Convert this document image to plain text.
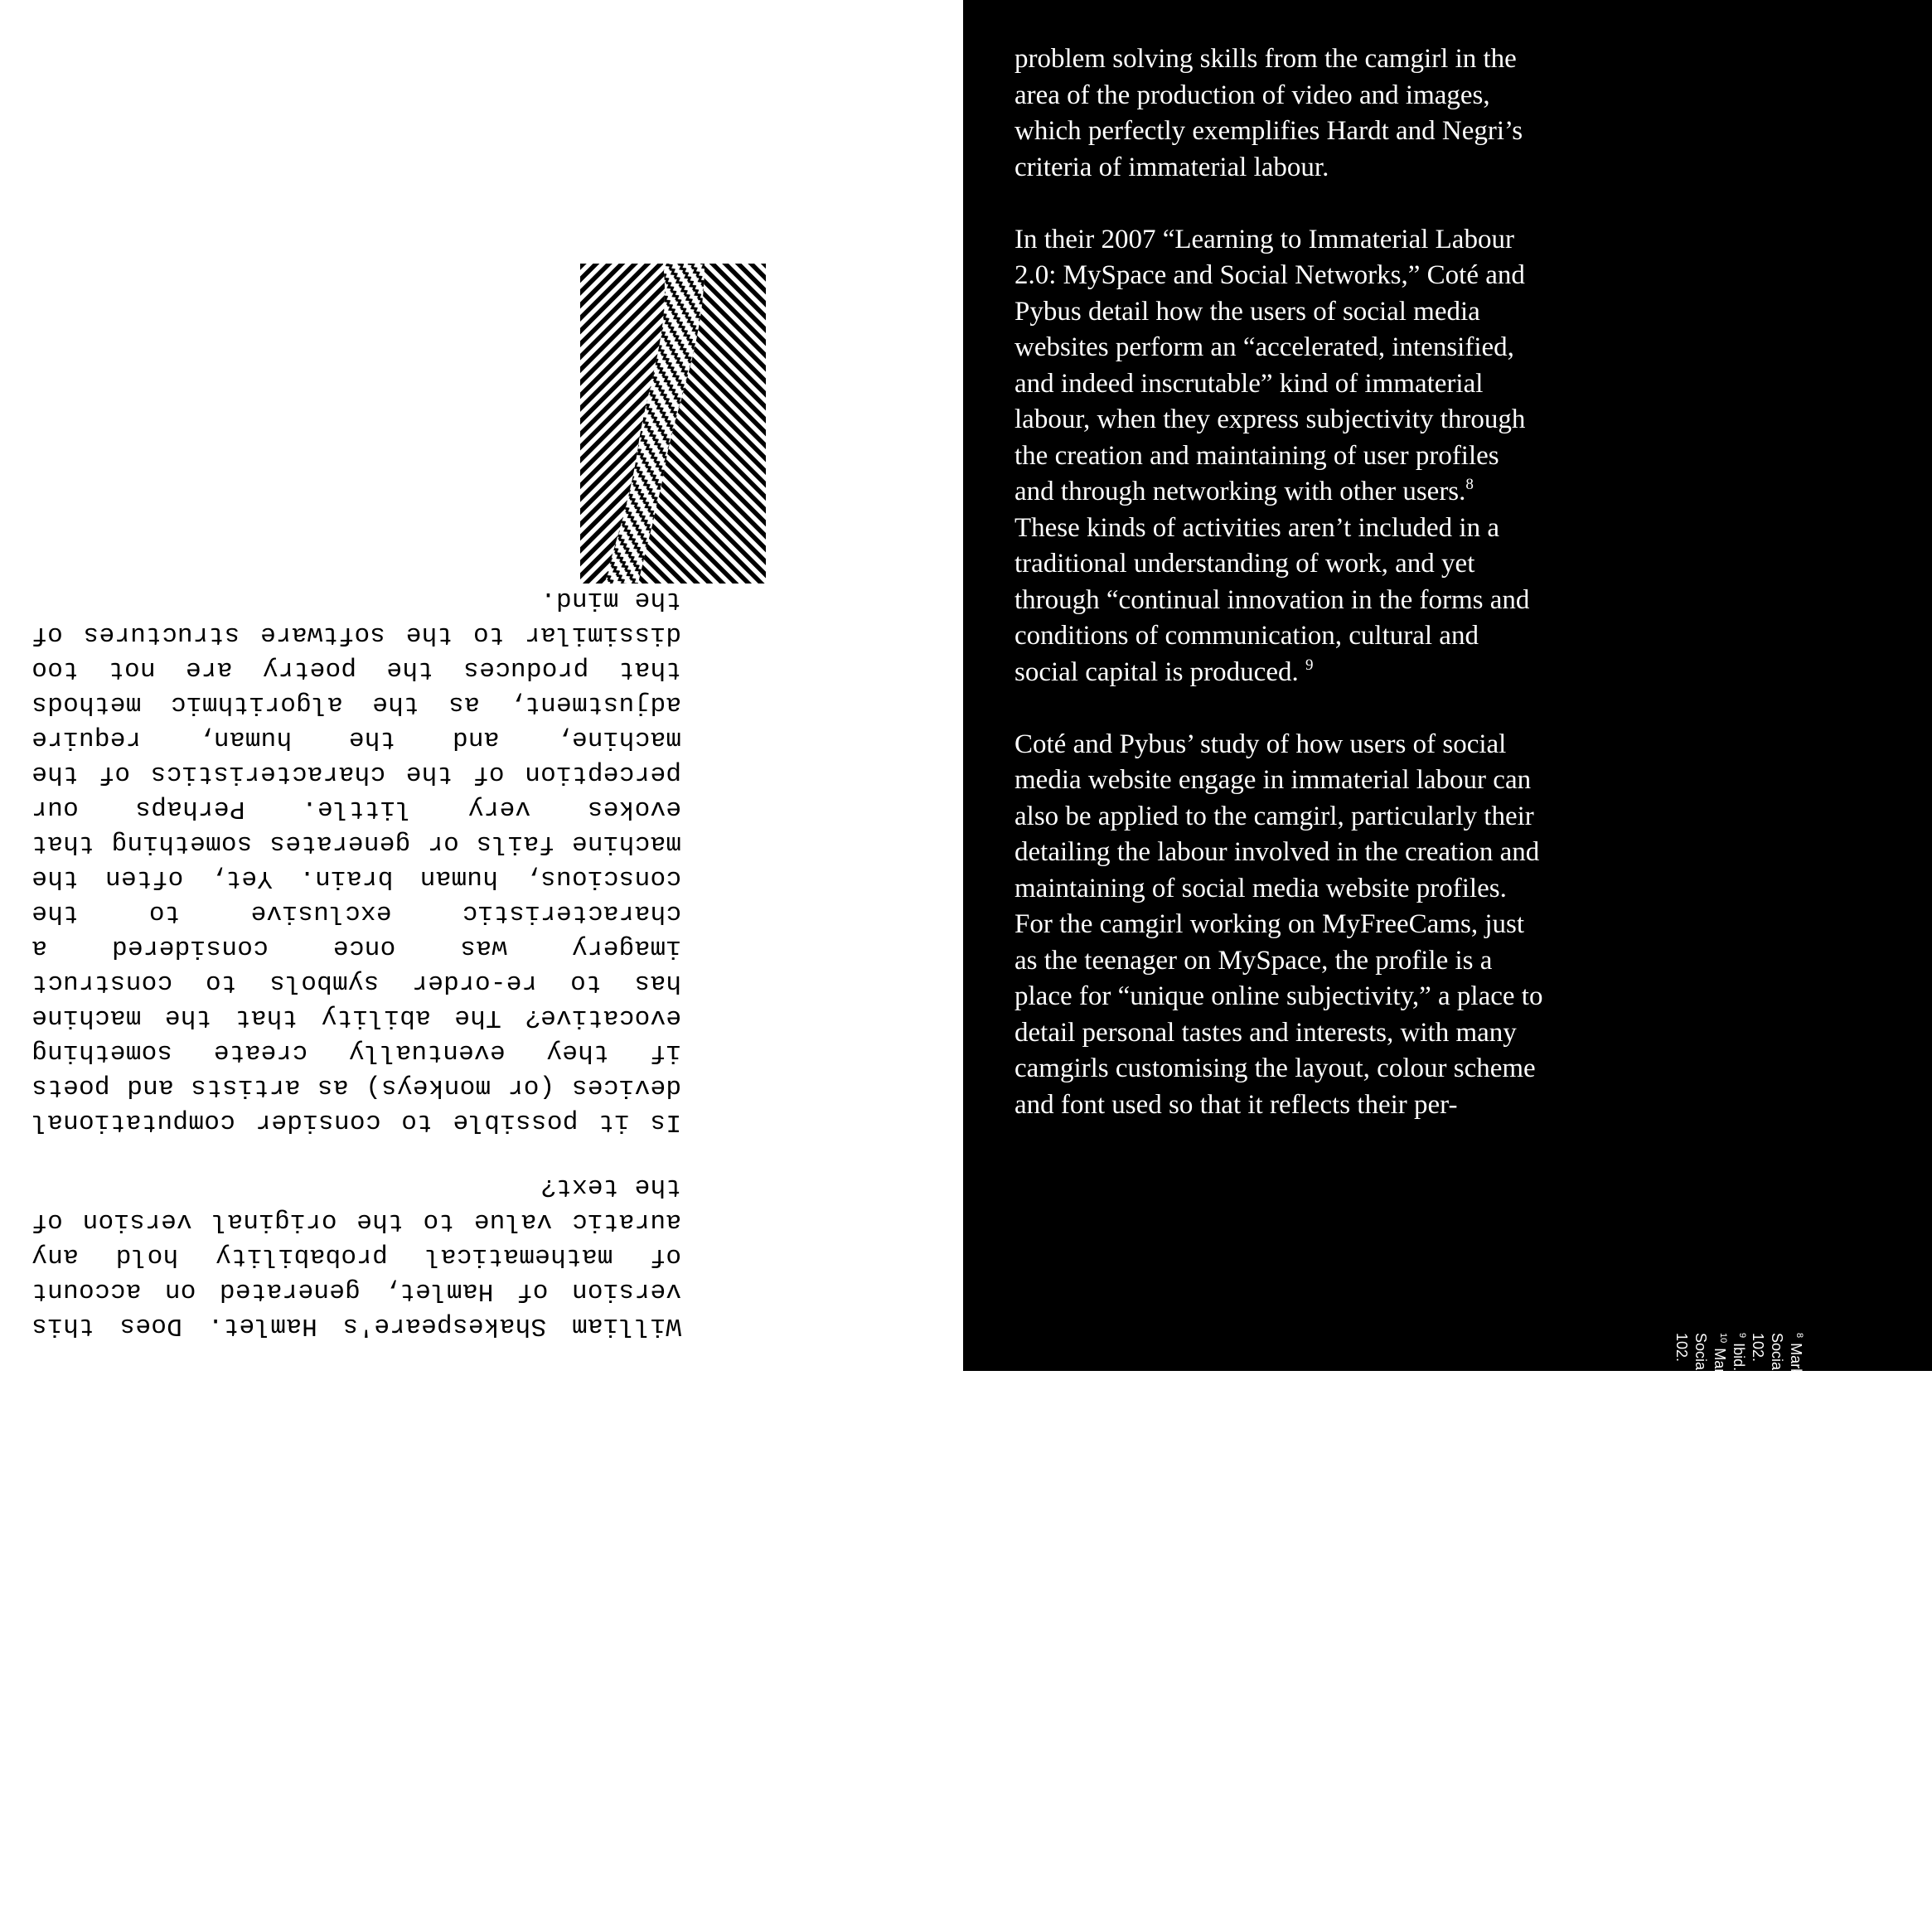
William Shakespeare's Hamlet. Does this version of Hamlet, generated on account of mathematical probability hold any auratic value to the original version of the text?

Is it possible to consider computational devices (or monkeys) as artists and poets if they eventually create something evocative? The ability that the machine has to re-order symbols to construct imagery was once considered a characteristic exclusive to the conscious, human brain. Yet, often the machine fails or generates something that evokes very little. Perhaps our perception of the characteristics of the machine, and the human, require adjustment, as the algorithmic methods that produces the poetry are not too dissimilar to the software structures of the mind.

problem solving skills from the camgirl in the area of the production of video and images, which perfectly exemplifies Hardt and Negri’s criteria of immaterial labour.

In their 2007 “Learning to Immaterial Labour 2.0: MySpace and Social Networks,” Coté and Pybus detail how the users of social media websites perform an “accelerated, intensified, and indeed inscrutable” kind of immaterial labour, when they express subjectivity through the creation and maintaining of user profiles and through networking with other users.$^8$ These kinds of activities aren’t included in a traditional understanding of work, and yet through “continual innovation in the forms and conditions of communication, cultural and social capital is produced. $^9$

Coté and Pybus’ study of how users of social media website engage in immaterial labour can also be applied to the camgirl, particularly their detailing the labour involved in the creation and maintaining of social media website profiles. For the camgirl working on MyFreeCams, just as the teenager on MySpace, the profile is a place for “unique online subjectivity,” a place to detail personal tastes and interests, with many camgirls customising the layout, colour scheme and font used so that it reflects their per-

$^8$Mark Coté and Jennifer Pybus, “Learning to Immaterial Labour 2.0: MySpace and Social Networks,” Ephemera: Theory & Politics in Organisation 7, no. 1 (2007): 88-106, 102.
$^9$Ibid. 103.
$^{10}$Mark Coté and Jennifer Pybus, “Learning to Immaterial Labour 2.0: MySpace and Social Networks,” Ephemera: Theory & Politics in Organisation 7, no. 1 (2007): 88-106, 102.
